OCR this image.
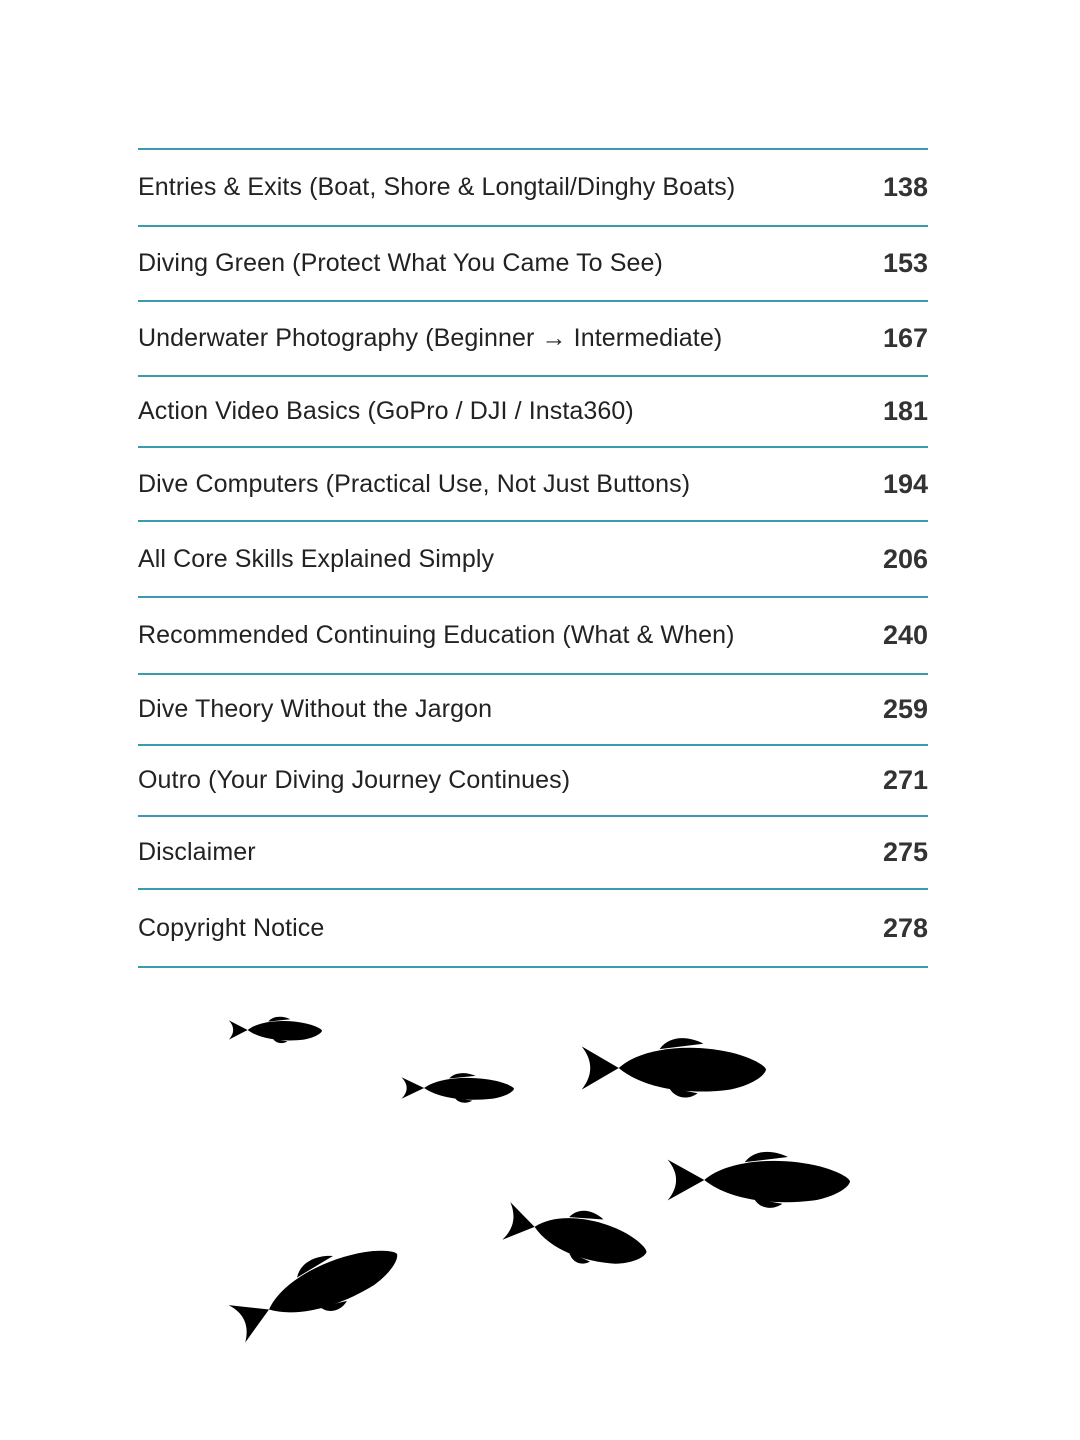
Entries & Exits (Boat, Shore & Longtail/Dinghy Boats)	138
Diving Green (Protect What You Came To See)	153
Underwater Photography (Beginner → Intermediate)	167
Action Video Basics (GoPro / DJI / Insta360)	181
Dive Computers (Practical Use, Not Just Buttons)	194
All Core Skills Explained Simply	206
Recommended Continuing Education (What & When)	240
Dive Theory Without the Jargon	259
Outro (Your Diving Journey Continues)	271
Disclaimer	275
Copyright Notice	278
